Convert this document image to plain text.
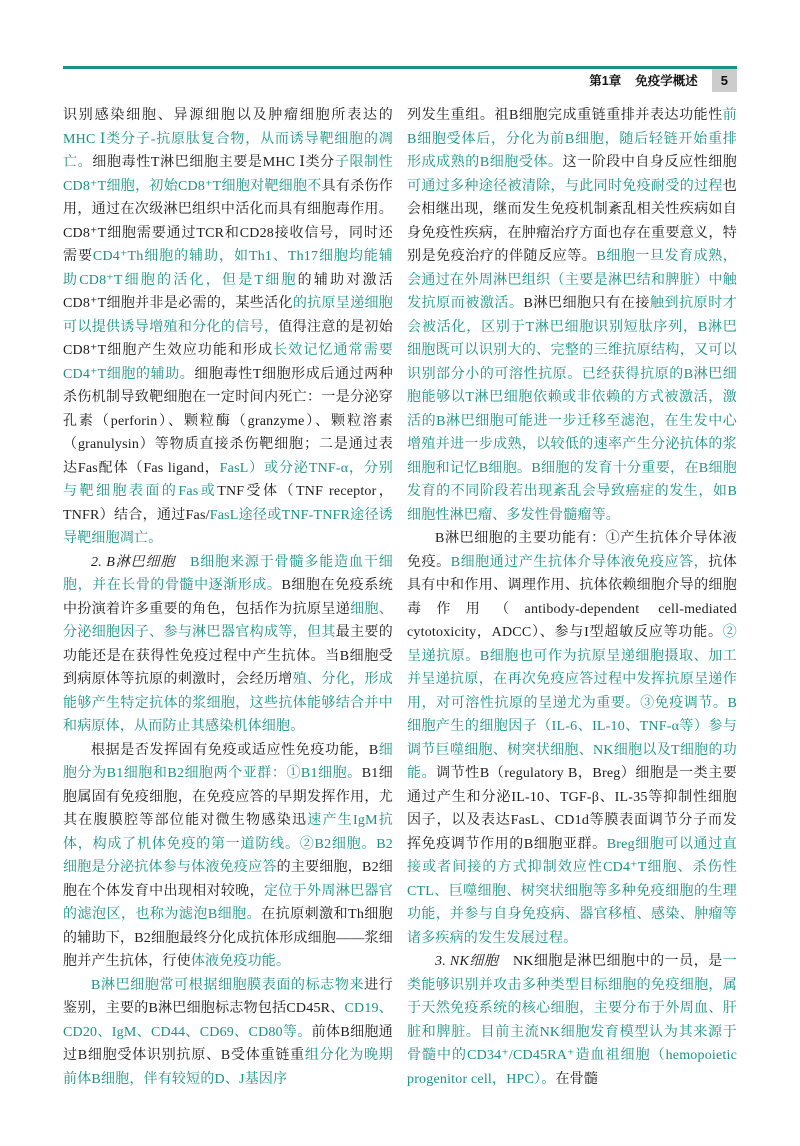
第1章	免疫学概述	5

识别感染细胞、异源细胞以及肿瘤细胞所表达的MHC Ⅰ类分子-抗原肽复合物，从而诱导靶细胞的凋亡。细胞毒性T淋巴细胞主要是MHC Ⅰ类分子限制性CD8⁺T细胞，初始CD8⁺T细胞对靶细胞不具有杀伤作用，通过在次级淋巴组织中活化而具有细胞毒作用。CD8⁺T细胞需要通过TCR和CD28接收信号，同时还需要CD4⁺Th细胞的辅助，如Th1、Th17细胞均能辅助CD8⁺T细胞的活化，但是T细胞的辅助对激活CD8⁺T细胞并非是必需的，某些活化的抗原呈递细胞可以提供诱导增殖和分化的信号，值得注意的是初始CD8⁺T细胞产生效应功能和形成长效记忆通常需要CD4⁺T细胞的辅助。细胞毒性T细胞形成后通过两种杀伤机制导致靶细胞在一定时间内死亡：一是分泌穿孔素（perforin）、颗粒酶（granzyme）、颗粒溶素（granulysin）等物质直接杀伤靶细胞；二是通过表达Fas配体（Fas ligand，FasL）或分泌TNF-α，分别与靶细胞表面的Fas或TNF受体（TNF receptor，TNFR）结合，通过Fas/FasL途径或TNF-TNFR途径诱导靶细胞凋亡。

2. B淋巴细胞　B细胞来源于骨髓多能造血干细胞，并在长骨的骨髓中逐渐形成。B细胞在免疫系统中扮演着许多重要的角色，包括作为抗原呈递细胞、分泌细胞因子、参与淋巴器官构成等，但其最主要的功能还是在获得性免疫过程中产生抗体。当B细胞受到病原体等抗原的刺激时，会经历增殖、分化，形成能够产生特定抗体的浆细胞，这些抗体能够结合并中和病原体，从而防止其感染机体细胞。

根据是否发挥固有免疫或适应性免疫功能，B细胞分为B1细胞和B2细胞两个亚群：①B1细胞。B1细胞属固有免疫细胞，在免疫应答的早期发挥作用，尤其在腹膜腔等部位能对微生物感染迅速产生IgM抗体，构成了机体免疫的第一道防线。②B2细胞。B2细胞是分泌抗体参与体液免疫应答的主要细胞，B2细胞在个体发育中出现相对较晚，定位于外周淋巴器官的滤泡区，也称为滤泡B细胞。在抗原刺激和Th细胞的辅助下，B2细胞最终分化成抗体形成细胞——浆细胞并产生抗体，行使体液免疫功能。

B淋巴细胞常可根据细胞膜表面的标志物来进行鉴别，主要的B淋巴细胞标志物包括CD45R、CD19、CD20、IgM、CD44、CD69、CD80等。前体B细胞通过B细胞受体识别抗原、B受体重链重组分化为晚期前体B细胞，伴有较短的D、J基因序

列发生重组。祖B细胞完成重链重排并表达功能性前B细胞受体后，分化为前B细胞，随后轻链开始重排形成成熟的B细胞受体。这一阶段中自身反应性细胞可通过多种途径被清除，与此同时免疫耐受的过程也会相继出现，继而发生免疫机制紊乱相关性疾病如自身免疫性疾病，在肿瘤治疗方面也存在重要意义，特别是免疫治疗的伴随反应等。B细胞一旦发育成熟，会通过在外周淋巴组织（主要是淋巴结和脾脏）中触发抗原而被激活。B淋巴细胞只有在接触到抗原时才会被活化，区别于T淋巴细胞识别短肽序列，B淋巴细胞既可以识别大的、完整的三维抗原结构，又可以识别部分小的可溶性抗原。已经获得抗原的B淋巴细胞能够以T淋巴细胞依赖或非依赖的方式被激活，激活的B淋巴细胞可能进一步迁移至滤泡，在生发中心增殖并进一步成熟，以较低的速率产生分泌抗体的浆细胞和记忆B细胞。B细胞的发育十分重要，在B细胞发育的不同阶段若出现紊乱会导致癌症的发生，如B细胞性淋巴瘤、多发性骨髓瘤等。

B淋巴细胞的主要功能有：①产生抗体介导体液免疫。B细胞通过产生抗体介导体液免疫应答，抗体具有中和作用、调理作用、抗体依赖细胞介导的细胞毒作用（antibody-dependent cell-mediated cytotoxicity，ADCC）、参与I型超敏反应等功能。②呈递抗原。B细胞也可作为抗原呈递细胞摄取、加工并呈递抗原，在再次免疫应答过程中发挥抗原呈递作用，对可溶性抗原的呈递尤为重要。③免疫调节。B细胞产生的细胞因子（IL-6、IL-10、TNF-α等）参与调节巨噬细胞、树突状细胞、NK细胞以及T细胞的功能。调节性B（regulatory B，Breg）细胞是一类主要通过产生和分泌IL-10、TGF-β、IL-35等抑制性细胞因子，以及表达FasL、CD1d等膜表面调节分子而发挥免疫调节作用的B细胞亚群。Breg细胞可以通过直接或者间接的方式抑制效应性CD4⁺T细胞、杀伤性CTL、巨噬细胞、树突状细胞等多种免疫细胞的生理功能，并参与自身免疫病、器官移植、感染、肿瘤等诸多疾病的发生发展过程。

3. NK细胞　NK细胞是淋巴细胞中的一员，是一类能够识别并攻击多种类型目标细胞的免疫细胞，属于天然免疫系统的核心细胞，主要分布于外周血、肝脏和脾脏。目前主流NK细胞发育模型认为其来源于骨髓中的CD34⁺/CD45RA⁺造血祖细胞（hemopoietic progenitor cell，HPC）。在骨髓
